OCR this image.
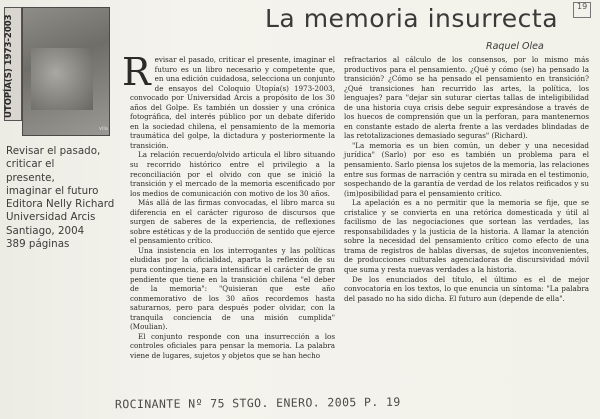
La memoria insurrecta
Raquel Olea
19
UTOPÍA(S) 1973-2003
vila
Revisar el pasado,
criticar el
presente,
imaginar el futuro
Editora Nelly Richard
Universidad Arcis
Santiago, 2004
389 páginas
R evisar el pasado, criticar el presente, imaginar el futuro es un libro necesario y competente que, en una edición cuidadosa, selecciona un conjunto de ensayos del Coloquio Utopía(s) 1973-2003, convocado por Universidad Arcis a propósito de los 30 años del Golpe. Es también un dossier y una crónica fotográfica, del interés público por un debate diferido en la sociedad chilena, el pensamiento de la memoria traumática del golpe, la dictadura y posteriormente la transición.

La relación recuerdo/olvido articula el libro situando su recorrido histórico entre el privilegio a la reconciliación por el olvido con que se inició la transición y el mercado de la memoria escenificado por los medios de comunicación con motivo de los 30 años.

Más allá de las firmas convocadas, el libro marca su diferencia en el carácter riguroso de discursos que surgen de saberes de la experiencia, de reflexiones sobre estéticas y de la producción de sentido que ejerce el pensamiento crítico.

Una insistencia en los interrogantes y las políticas eludidas por la oficialidad, aparta la reflexión de su pura contingencia, para intensificar el carácter de gran pendiente que tiene en la transición chilena "el deber de la memoria": "Quisieran que este año conmemorativo de los 30 años recordemos hasta saturarnos, pero para después poder olvidar, con la tranquila conciencia de una misión cumplida" (Moulian).

El conjunto responde con una insurrección a los controles oficiales para pensar la memoria. La palabra viene de lugares, sujetos y objetos que se han hecho

refractarios al cálculo de los consensos, por lo mismo más productivos para el pensamiento. ¿Qué y cómo (se) ha pensado la transición? ¿Cómo se ha pensado el pensamiento en transición? ¿Qué transiciones han recurrido las artes, la política, los lenguajes? para "dejar sin suturar ciertas tallas de inteligibilidad de una historia cuya crisis debe seguir expresándose a través de los huecos de comprensión que un la perforan, para mantenernos en constante estado de alerta frente a las verdades blindadas de las retotalizaciones demasiado seguras" (Richard).

"La memoria es un bien común, un deber y una necesidad jurídica" (Sarlo) por eso es también un problema para el pensamiento. Sarlo piensa los sujetos de la memoria, las relaciones entre sus formas de narración y centra su mirada en el testimonio, sospechando de la garantía de verdad de los relatos reificados y su (im)posibilidad para el pensamiento crítico.

La apelación es a no permitir que la memoria se fije, que se cristalice y se convierta en una retórica domesticada y útil al facilismo de las negociaciones que sortean las verdades, las responsabilidades y la justicia de la historia. A llamar la atención sobre la necesidad del pensamiento crítico como efecto de una trama de registros de hablas diversas, de sujetos inconvenientes, de producciones culturales agenciadoras de discursividad móvil que suma y resta nuevas verdades a la historia.

De los enunciados del título, el último es el de mejor convocatoria en los textos, lo que enuncia un síntoma: "La palabra del pasado no ha sido dicha. El futuro aun (depende de ella".

ROCINANTE Nº 75 STGO. ENERO. 2005 P. 19
